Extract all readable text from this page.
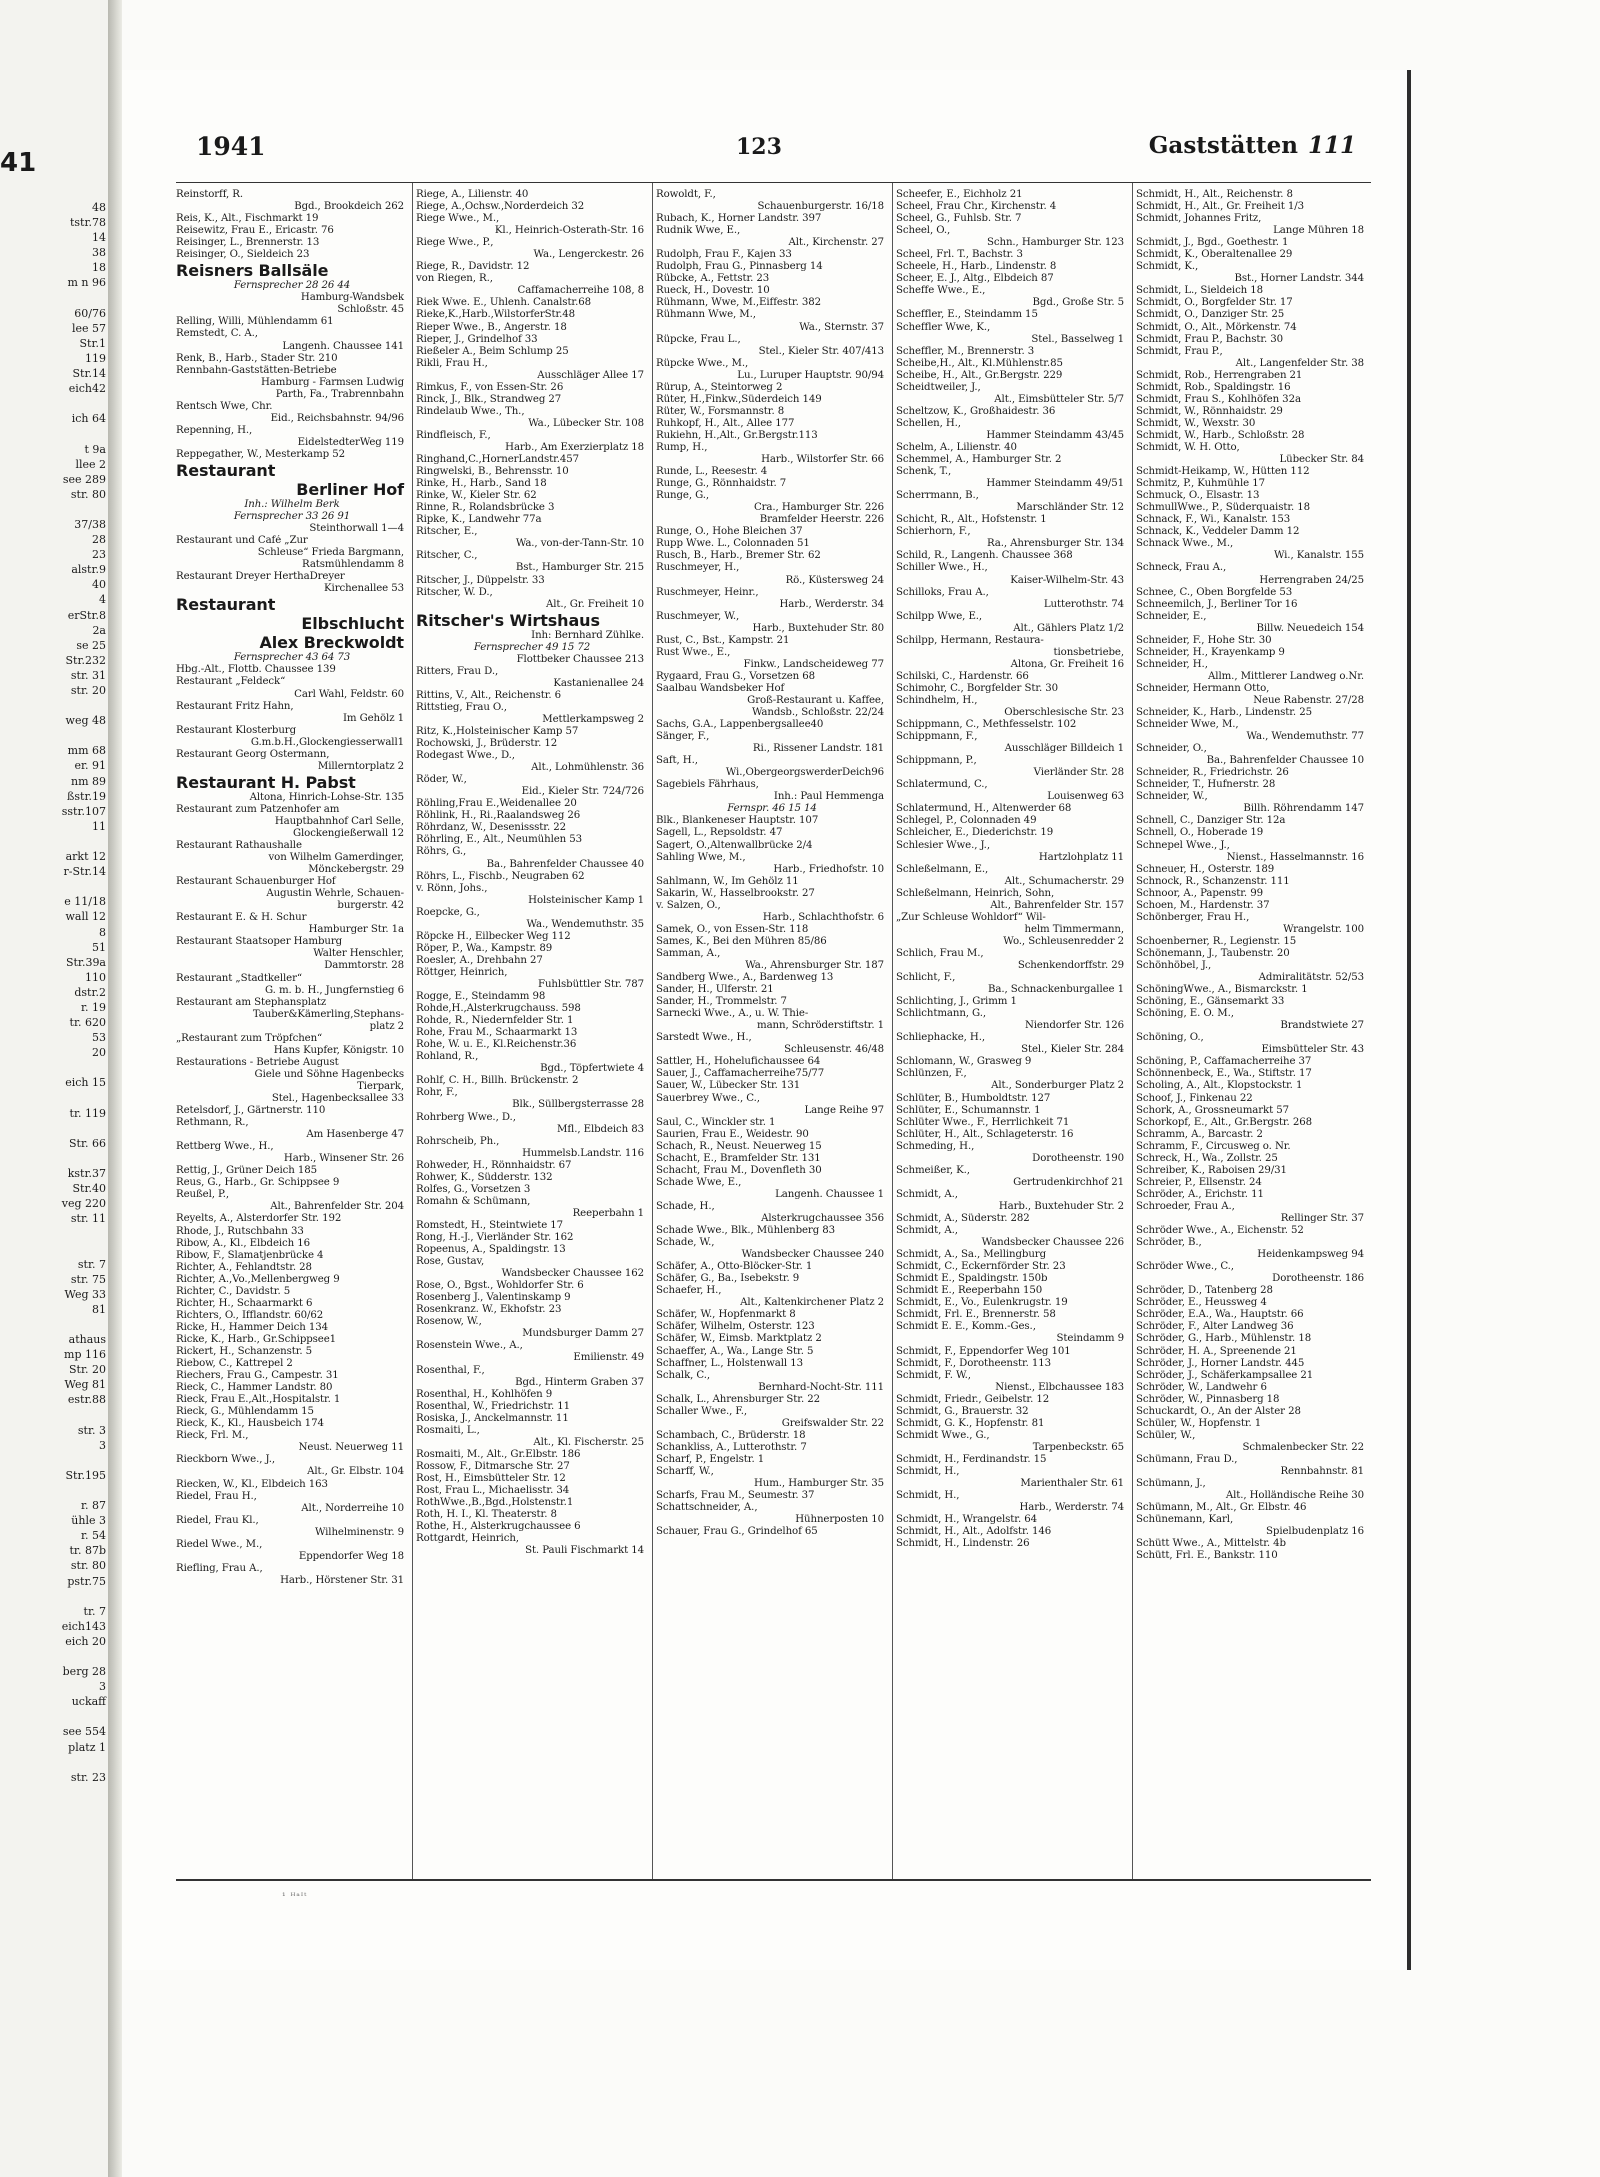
41
48
tstr.78
14
38
18
m n 96

60/76
lee 57
Str.1
119
Str.14
eich42

ich 64

t 9a
llee 2
see 289
str. 80

37/38
28
23
alstr.9
40
4
erStr.8
2a
se 25
Str.232
str. 31
str. 20

weg 48

mm 68
er. 91
nm 89
ßstr.19
sstr.107
11

arkt 12
r-Str.14

e 11/18
wall 12
8
51
Str.39a
110
dstr.2
r. 19
tr. 620
53
20

eich 15

tr. 119

Str. 66

kstr.37
Str.40
veg 220
str. 11

str. 7
str. 75
Weg 33
81

athaus
mp 116
Str. 20
Weg 81
estr.88

str. 3
3

Str.195

r. 87
ühle 3
r. 54
tr. 87b
str. 80
pstr.75

tr. 7
eich143
eich 20

berg 28
3
uckaff

see 554
platz 1

str. 23
1941	123	Gaststätten 111
Reinstorff, R.
Bgd., Brookdeich 262
Reis, K., Alt., Fischmarkt 19
Reisewitz, Frau E., Ericastr. 76
Reisinger, L., Brennerstr. 13
Reisinger, O., Sieldeich 23
Reisners Ballsäle
Fernsprecher 28 26 44
Hamburg-Wandsbek
Schloßstr. 45
Relling, Willi, Mühlendamm 61
Remstedt, C. A.,
Langenh. Chaussee 141
Renk, B., Harb., Stader Str. 210
Rennbahn-Gaststätten-Betriebe
Hamburg - Farmsen Ludwig
Parth, Fa., Trabrennbahn
Rentsch Wwe, Chr.
Eid., Reichsbahnstr. 94/96
Repenning, H.,
EidelstedterWeg 119
Reppegather, W., Mesterkamp 52
Restaurant
Berliner Hof
Inh.: Wilhelm Berk
Fernsprecher 33 26 91
Steinthorwall 1—4
Restaurant und Café „Zur
Schleuse“ Frieda Bargmann,
Ratsmühlendamm 8
Restaurant Dreyer HerthaDreyer
Kirchenallee 53
Restaurant
Elbschlucht
Alex Breckwoldt
Fernsprecher 43 64 73
Hbg.-Alt., Flottb. Chaussee 139
Restaurant „Feldeck“
Carl Wahl, Feldstr. 60
Restaurant Fritz Hahn,
Im Gehölz 1
Restaurant Klosterburg
G.m.b.H.,Glockengiesserwall1
Restaurant Georg Ostermann,
Millerntorplatz 2
Restaurant H. Pabst
Altona, Hinrich-Lohse-Str. 135
Restaurant zum Patzenhofer am
Hauptbahnhof Carl Selle,
Glockengießerwall 12
Restaurant Rathaushalle
von Wilhelm Gamerdinger,
Mönckebergstr. 29
Restaurant Schauenburger Hof
Augustin Wehrle, Schauen-
burgerstr. 42
Restaurant E. & H. Schur
Hamburger Str. 1a
Restaurant Staatsoper Hamburg
Walter Henschler,
Dammtorstr. 28
Restaurant „Stadtkeller“
G. m. b. H., Jungfernstieg 6
Restaurant am Stephansplatz
Tauber&Kämerling,Stephans-
platz 2
„Restaurant zum Tröpfchen“
Hans Kupfer, Königstr. 10
Restaurations - Betriebe August
Giele und Söhne Hagenbecks
Tierpark,
Stel., Hagenbecksallee 33
Retelsdorf, J., Gärtnerstr. 110
Rethmann, R.,
Am Hasenberge 47
Rettberg Wwe., H.,
Harb., Winsener Str. 26
Rettig, J., Grüner Deich 185
Reus, G., Harb., Gr. Schippsee 9
Reußel, P.,
Alt., Bahrenfelder Str. 204
Reyelts, A., Alsterdorfer Str. 192
Rhode, J., Rutschbahn 33
Ribow, A., Kl., Elbdeich 16
Ribow, F., Slamatjenbrücke 4
Richter, A., Fehlandtstr. 28
Richter, A.,Vo.,Mellenbergweg 9
Richter, C., Davidstr. 5
Richter, H., Schaarmarkt 6
Richters, O., Ifflandstr. 60/62
Ricke, H., Hammer Deich 134
Ricke, K., Harb., Gr.Schippsee1
Rickert, H., Schanzenstr. 5
Riebow, C., Kattrepel 2
Riechers, Frau G., Campestr. 31
Rieck, C., Hammer Landstr. 80
Rieck, Frau E.,Alt.,Hospitalstr. 1
Rieck, G., Mühlendamm 15
Rieck, K., Kl., Hausbeich 174
Rieck, Frl. M.,
Neust. Neuerweg 11
Rieckborn Wwe., J.,
Alt., Gr. Elbstr. 104
Riecken, W., Kl., Elbdeich 163
Riedel, Frau H.,
Alt., Norderreihe 10
Riedel, Frau Kl.,
Wilhelminenstr. 9
Riedel Wwe., M.,
Eppendorfer Weg 18
Riefling, Frau A.,
Harb., Hörstener Str. 31
Riege, A., Lilienstr. 40
Riege, A.,Ochsw.,Norderdeich 32
Riege Wwe., M.,
Kl., Heinrich-Osterath-Str. 16
Riege Wwe., P.,
Wa., Lengerckestr. 26
Riege, R., Davidstr. 12
von Riegen, R.,
Caffamacherreihe 108, 8
Riek Wwe. E., Uhlenh. Canalstr.68
Rieke,K.,Harb.,WilstorferStr.48
Rieper Wwe., B., Angerstr. 18
Rieper, J., Grindelhof 33
Rießeler A., Beim Schlump 25
Rikli, Frau H.,
Ausschläger Allee 17
Rimkus, F., von Essen-Str. 26
Rinck, J., Blk., Strandweg 27
Rindelaub Wwe., Th.,
Wa., Lübecker Str. 108
Rindfleisch, F.,
Harb., Am Exerzierplatz 18
Ringhand,C.,HornerLandstr.457
Ringwelski, B., Behrensstr. 10
Rinke, H., Harb., Sand 18
Rinke, W., Kieler Str. 62
Rinne, R., Rolandsbrücke 3
Ripke, K., Landwehr 77a
Ritscher, E.,
Wa., von-der-Tann-Str. 10
Ritscher, C.,
Bst., Hamburger Str. 215
Ritscher, J., Düppelstr. 33
Ritscher, W. D.,
Alt., Gr. Freiheit 10
Ritscher's Wirtshaus
Inh: Bernhard Zühlke.
Fernsprecher 49 15 72
Flottbeker Chaussee 213
Ritters, Frau D.,
Kastanienallee 24
Rittins, V., Alt., Reichenstr. 6
Rittstieg, Frau O.,
Mettlerkampsweg 2
Ritz, K.,Holsteinischer Kamp 57
Rochowski, J., Brüderstr. 12
Rodegast Wwe., D.,
Alt., Lohmühlenstr. 36
Röder, W.,
Eid., Kieler Str. 724/726
Röhling,Frau E.,Weidenallee 20
Röhlink, H., Ri.,Raalandsweg 26
Röhrdanz, W., Desenissstr. 22
Röhrling, E., Alt., Neumühlen 53
Röhrs, G.,
Ba., Bahrenfelder Chaussee 40
Röhrs, L., Fischb., Neugraben 62
v. Rönn, Johs.,
Holsteinischer Kamp 1
Roepcke, G.,
Wa., Wendemuthstr. 35
Röpcke H., Eilbecker Weg 112
Röper, P., Wa., Kampstr. 89
Roesler, A., Drehbahn 27
Röttger, Heinrich,
Fuhlsbüttler Str. 787
Rogge, E., Steindamm 98
Rohde,H.,Alsterkrugchauss. 598
Rohde, R., Niedernfelder Str. 1
Rohe, Frau M., Schaarmarkt 13
Rohe, W. u. E., Kl.Reichenstr.36
Rohland, R.,
Bgd., Töpfertwiete 4
Rohlf, C. H., Billh. Brückenstr. 2
Rohr, F.,
Blk., Süllbergsterrasse 28
Rohrberg Wwe., D.,
Mfl., Elbdeich 83
Rohrscheib, Ph.,
Hummelsb.Landstr. 116
Rohweder, H., Rönnhaidstr. 67
Rohwer, K., Südderstr. 132
Rolfes, G., Vorsetzen 3
Romahn & Schümann,
Reeperbahn 1
Romstedt, H., Steintwiete 17
Rong, H.-J., Vierländer Str. 162
Ropeenus, A., Spaldingstr. 13
Rose, Gustav,
Wandsbecker Chaussee 162
Rose, O., Bgst., Wohldorfer Str. 6
Rosenberg J., Valentinskamp 9
Rosenkranz. W., Ekhofstr. 23
Rosenow, W.,
Mundsburger Damm 27
Rosenstein Wwe., A.,
Emilienstr. 49
Rosenthal, F.,
Bgd., Hinterm Graben 37
Rosenthal, H., Kohlhöfen 9
Rosenthal, W., Friedrichstr. 11
Rosiska, J., Anckelmannstr. 11
Rosmaiti, L.,
Alt., Kl. Fischerstr. 25
Rosmaiti, M., Alt., Gr.Elbstr. 186
Rossow, F., Ditmarsche Str. 27
Rost, H., Eimsbütteler Str. 12
Rost, Frau L., Michaelisstr. 34
RothWwe.,B.,Bgd.,Holstenstr.1
Roth, H. I., Kl. Theaterstr. 8
Rothe, H., Alsterkrugchaussee 6
Rottgardt, Heinrich,
St. Pauli Fischmarkt 14
Rowoldt, F.,
Schauenburgerstr. 16/18
Rubach, K., Horner Landstr. 397
Rudnik Wwe, E.,
Alt., Kirchenstr. 27
Rudolph, Frau F., Kajen 33
Rudolph, Frau G., Pinnasberg 14
Rübcke, A., Fettstr. 23
Rueck, H., Dovestr. 10
Rühmann, Wwe, M.,Eiffestr. 382
Rühmann Wwe, M.,
Wa., Sternstr. 37
Rüpcke, Frau L.,
Stel., Kieler Str. 407/413
Rüpcke Wwe., M.,
Lu., Luruper Hauptstr. 90/94
Rürup, A., Steintorweg 2
Rüter, H.,Finkw.,Süderdeich 149
Rüter, W., Forsmannstr. 8
Ruhkopf, H., Alt., Allee 177
Rukiehn, H.,Alt., Gr.Bergstr.113
Rump, H.,
Harb., Wilstorfer Str. 66
Runde, L., Reesestr. 4
Runge, G., Rönnhaidstr. 7
Runge, G.,
Cra., Hamburger Str. 226
Bramfelder Heerstr. 226
Runge, O., Hohe Bleichen 37
Rupp Wwe. L., Colonnaden 51
Rusch, B., Harb., Bremer Str. 62
Ruschmeyer, H.,
Rö., Küstersweg 24
Ruschmeyer, Heinr.,
Harb., Werderstr. 34
Ruschmeyer, W.,
Harb., Buxtehuder Str. 80
Rust, C., Bst., Kampstr. 21
Rust Wwe., E.,
Finkw., Landscheideweg 77
Rygaard, Frau G., Vorsetzen 68
Saalbau Wandsbeker Hof
Groß-Restaurant u. Kaffee,
Wandsb., Schloßstr. 22/24
Sachs, G.A., Lappenbergsallee40
Sänger, F.,
Ri., Rissener Landstr. 181
Saft, H.,
Wi.,ObergeorgswerderDeich96
Sagebiels Fährhaus,
Inh.: Paul Hemmenga
Fernspr. 46 15 14
Blk., Blankeneser Hauptstr. 107
Sagell, L., Repsoldstr. 47
Sagert, O.,Altenwallbrücke 2/4
Sahling Wwe, M.,
Harb., Friedhofstr. 10
Sahlmann, W., Im Gehölz 11
Sakarin, W., Hasselbrookstr. 27
v. Salzen, O.,
Harb., Schlachthofstr. 6
Samek, O., von Essen-Str. 118
Sames, K., Bei den Mühren 85/86
Samman, A.,
Wa., Ahrensburger Str. 187
Sandberg Wwe., A., Bardenweg 13
Sander, H., Ulferstr. 21
Sander, H., Trommelstr. 7
Sarnecki Wwe., A., u. W. Thie-
mann, Schröderstiftstr. 1
Sarstedt Wwe., H.,
Schleusenstr. 46/48
Sattler, H., Hohelufichaussee 64
Sauer, J., Caffamacherreihe75/77
Sauer, W., Lübecker Str. 131
Sauerbrey Wwe., C.,
Lange Reihe 97
Saul, C., Winckler str. 1
Saurien, Frau E., Weidestr. 90
Schach, R., Neust. Neuerweg 15
Schacht, E., Bramfelder Str. 131
Schacht, Frau M., Dovenfleth 30
Schade Wwe, E.,
Langenh. Chaussee 1
Schade, H.,
Alsterkrugchaussee 356
Schade Wwe., Blk., Mühlenberg 83
Schade, W.,
Wandsbecker Chaussee 240
Schäfer, A., Otto-Blöcker-Str. 1
Schäfer, G., Ba., Isebekstr. 9
Schaefer, H.,
Alt., Kaltenkirchener Platz 2
Schäfer, W., Hopfenmarkt 8
Schäfer, Wilhelm, Osterstr. 123
Schäfer, W., Eimsb. Marktplatz 2
Schaeffer, A., Wa., Lange Str. 5
Schaffner, L., Holstenwall 13
Schalk, C.,
Bernhard-Nocht-Str. 111
Schalk, L., Ahrensburger Str. 22
Schaller Wwe., F.,
Greifswalder Str. 22
Schambach, C., Brüderstr. 18
Schankliss, A., Lutterothstr. 7
Scharf, P., Engelstr. 1
Scharff, W.,
Hum., Hamburger Str. 35
Scharfs, Frau M., Seumestr. 37
Schattschneider, A.,
Hühnerposten 10
Schauer, Frau G., Grindelhof 65
Scheefer, E., Eichholz 21
Scheel, Frau Chr., Kirchenstr. 4
Scheel, G., Fuhlsb. Str. 7
Scheel, O.,
Schn., Hamburger Str. 123
Scheel, Frl. T., Bachstr. 3
Scheele, H., Harb., Lindenstr. 8
Scheer, E. J., Altg., Elbdeich 87
Scheffe Wwe., E.,
Bgd., Große Str. 5
Scheffler, E., Steindamm 15
Scheffler Wwe, K.,
Stel., Basselweg 1
Scheffler, M., Brennerstr. 3
Scheibe,H., Alt., Kl.Mühlenstr.85
Scheibe, H., Alt., Gr.Bergstr. 229
Scheidtweiler, J.,
Alt., Eimsbütteler Str. 5/7
Scheltzow, K., Großhaidestr. 36
Schellen, H.,
Hammer Steindamm 43/45
Schelm, A., Lilienstr. 40
Schemmel, A., Hamburger Str. 2
Schenk, T.,
Hammer Steindamm 49/51
Scherrmann, B.,
Marschländer Str. 12
Schicht, R., Alt., Hofstenstr. 1
Schierhorn, F.,
Ra., Ahrensburger Str. 134
Schild, R., Langenh. Chaussee 368
Schiller Wwe., H.,
Kaiser-Wilhelm-Str. 43
Schilloks, Frau A.,
Lutterothstr. 74
Schilpp Wwe, E.,
Alt., Gählers Platz 1/2
Schilpp, Hermann, Restaura-
tionsbetriebe,
Altona, Gr. Freiheit 16
Schilski, C., Hardenstr. 66
Schimohr, C., Borgfelder Str. 30
Schindhelm, H.,
Oberschlesische Str. 23
Schippmann, C., Methfesselstr. 102
Schippmann, F.,
Ausschläger Billdeich 1
Schippmann, P.,
Vierländer Str. 28
Schlatermund, C.,
Louisenweg 63
Schlatermund, H., Altenwerder 68
Schlegel, P., Colonnaden 49
Schleicher, E., Diederichstr. 19
Schlesier Wwe., J.,
Hartzlohplatz 11
Schleßelmann, E.,
Alt., Schumacherstr. 29
Schleßelmann, Heinrich, Sohn,
Alt., Bahrenfelder Str. 157
„Zur Schleuse Wohldorf“ Wil-
helm Timmermann,
Wo., Schleusenredder 2
Schlich, Frau M.,
Schenkendorffstr. 29
Schlicht, F.,
Ba., Schnackenburgallee 1
Schlichting, J., Grimm 1
Schlichtmann, G.,
Niendorfer Str. 126
Schliephacke, H.,
Stel., Kieler Str. 284
Schlomann, W., Grasweg 9
Schlünzen, F.,
Alt., Sonderburger Platz 2
Schlüter, B., Humboldtstr. 127
Schlüter, E., Schumannstr. 1
Schlüter Wwe., F., Herrlichkeit 71
Schlüter, H., Alt., Schlageterstr. 16
Schmeding, H.,
Dorotheenstr. 190
Schmeißer, K.,
Gertrudenkirchhof 21
Schmidt, A.,
Harb., Buxtehuder Str. 2
Schmidt, A., Süderstr. 282
Schmidt, A.,
Wandsbecker Chaussee 226
Schmidt, A., Sa., Mellingburg
Schmidt, C., Eckernförder Str. 23
Schmidt E., Spaldingstr. 150b
Schmidt E., Reeperbahn 150
Schmidt, E., Vo., Eulenkrugstr. 19
Schmidt, Frl. E., Brennerstr. 58
Schmidt E. E., Komm.-Ges.,
Steindamm 9
Schmidt, F., Eppendorfer Weg 101
Schmidt, F., Dorotheenstr. 113
Schmidt, F. W.,
Nienst., Elbchaussee 183
Schmidt, Friedr., Geibelstr. 12
Schmidt, G., Brauerstr. 32
Schmidt, G. K., Hopfenstr. 81
Schmidt Wwe., G.,
Tarpenbeckstr. 65
Schmidt, H., Ferdinandstr. 15
Schmidt, H.,
Marienthaler Str. 61
Schmidt, H.,
Harb., Werderstr. 74
Schmidt, H., Wrangelstr. 64
Schmidt, H., Alt., Adolfstr. 146
Schmidt, H., Lindenstr. 26
Schmidt, H., Alt., Reichenstr. 8
Schmidt, H., Alt., Gr. Freiheit 1/3
Schmidt, Johannes Fritz,
Lange Mühren 18
Schmidt, J., Bgd., Goethestr. 1
Schmidt, K., Oberaltenallee 29
Schmidt, K.,
Bst., Horner Landstr. 344
Schmidt, L., Sieldeich 18
Schmidt, O., Borgfelder Str. 17
Schmidt, O., Danziger Str. 25
Schmidt, O., Alt., Mörkenstr. 74
Schmidt, Frau P., Bachstr. 30
Schmidt, Frau P.,
Alt., Langenfelder Str. 38
Schmidt, Rob., Herrengraben 21
Schmidt, Rob., Spaldingstr. 16
Schmidt, Frau S., Kohlhöfen 32a
Schmidt, W., Rönnhaidstr. 29
Schmidt, W., Wexstr. 30
Schmidt, W., Harb., Schloßstr. 28
Schmidt, W. H. Otto,
Lübecker Str. 84
Schmidt-Heikamp, W., Hütten 112
Schmitz, P., Kuhmühle 17
Schmuck, O., Elsastr. 13
SchmullWwe., P., Süderquaistr. 18
Schnack, F., Wi., Kanalstr. 153
Schnack, K., Veddeler Damm 12
Schnack Wwe., M.,
Wi., Kanalstr. 155
Schneck, Frau A.,
Herrengraben 24/25
Schnee, C., Oben Borgfelde 53
Schneemilch, J., Berliner Tor 16
Schneider, E.,
Billw. Neuedeich 154
Schneider, F., Hohe Str. 30
Schneider, H., Krayenkamp 9
Schneider, H.,
Allm., Mittlerer Landweg o.Nr.
Schneider, Hermann Otto,
Neue Rabenstr. 27/28
Schneider, K., Harb., Lindenstr. 25
Schneider Wwe, M.,
Wa., Wendemuthstr. 77
Schneider, O.,
Ba., Bahrenfelder Chaussee 10
Schneider, R., Friedrichstr. 26
Schneider, T., Hufnerstr. 28
Schneider, W.,
Billh. Röhrendamm 147
Schnell, C., Danziger Str. 12a
Schnell, O., Hoberade 19
Schnepel Wwe., J.,
Nienst., Hasselmannstr. 16
Schneuer, H., Osterstr. 189
Schnock, R., Schanzenstr. 111
Schnoor, A., Papenstr. 99
Schoen, M., Hardenstr. 37
Schönberger, Frau H.,
Wrangelstr. 100
Schoenberner, R., Legienstr. 15
Schönemann, J., Taubenstr. 20
Schönhöbel, J.,
Admiralitätstr. 52/53
SchöningWwe., A., Bismarckstr. 1
Schöning, E., Gänsemarkt 33
Schöning, E. O. M.,
Brandstwiete 27
Schöning, O.,
Eimsbütteler Str. 43
Schöning, P., Caffamacherreihe 37
Schönnenbeck, E., Wa., Stiftstr. 17
Scholing, A., Alt., Klopstockstr. 1
Schoof, J., Finkenau 22
Schork, A., Grossneumarkt 57
Schorkopf, E., Alt., Gr.Bergstr. 268
Schramm, A., Barcastr. 2
Schramm, F., Circusweg o. Nr.
Schreck, H., Wa., Zollstr. 25
Schreiber, K., Raboisen 29/31
Schreier, P., Ellsenstr. 24
Schröder, A., Erichstr. 11
Schroeder, Frau A.,
Rellinger Str. 37
Schröder Wwe., A., Eichenstr. 52
Schröder, B.,
Heidenkampsweg 94
Schröder Wwe., C.,
Dorotheenstr. 186
Schröder, D., Tatenberg 28
Schröder, E., Heussweg 4
Schröder, E.A., Wa., Hauptstr. 66
Schröder, F., Alter Landweg 36
Schröder, G., Harb., Mühlenstr. 18
Schröder, H. A., Spreenende 21
Schröder, J., Horner Landstr. 445
Schröder, J., Schäferkampsallee 21
Schröder, W., Landwehr 6
Schröder, W., Pinnasberg 18
Schuckardt, O., An der Alster 28
Schüler, W., Hopfenstr. 1
Schüler, W.,
Schmalenbecker Str. 22
Schümann, Frau D.,
Rennbahnstr. 81
Schümann, J.,
Alt., Holländische Reihe 30
Schümann, M., Alt., Gr. Elbstr. 46
Schünemann, Karl,
Spielbudenplatz 16
Schütt Wwe., A., Mittelstr. 4b
Schütt, Frl. E., Bankstr. 110
¹ ᴴᵃᴵᵗ
